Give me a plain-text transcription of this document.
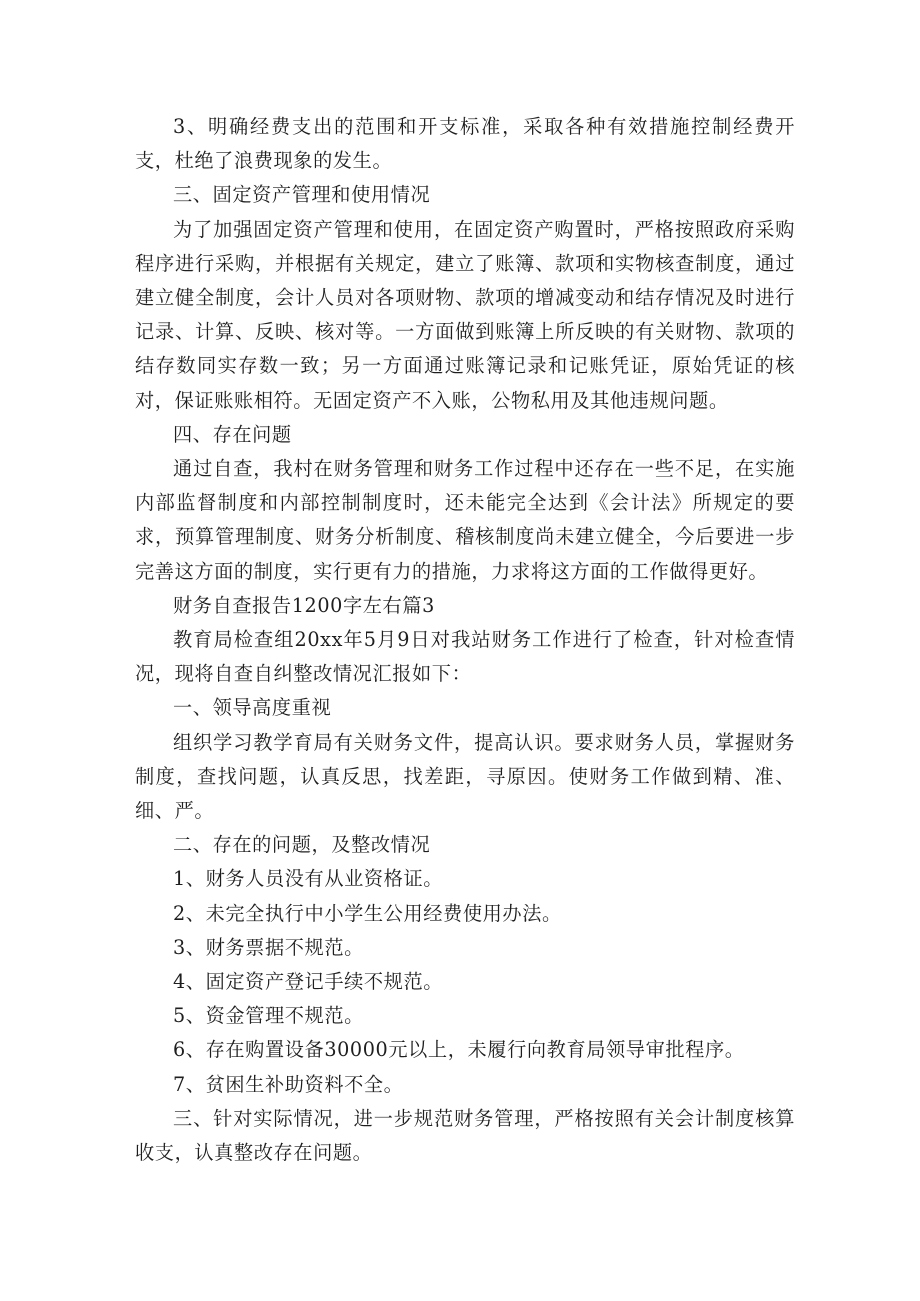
3、明确经费支出的范围和开支标准，采取各种有效措施控制经费开支，杜绝了浪费现象的发生。

三、固定资产管理和使用情况

为了加强固定资产管理和使用，在固定资产购置时，严格按照政府采购程序进行采购，并根据有关规定，建立了账簿、款项和实物核查制度，通过建立健全制度，会计人员对各项财物、款项的增减变动和结存情况及时进行记录、计算、反映、核对等。一方面做到账簿上所反映的有关财物、款项的结存数同实存数一致；另一方面通过账簿记录和记账凭证，原始凭证的核对，保证账账相符。无固定资产不入账，公物私用及其他违规问题。

四、存在问题

通过自查，我村在财务管理和财务工作过程中还存在一些不足，在实施内部监督制度和内部控制制度时，还未能完全达到《会计法》所规定的要求，预算管理制度、财务分析制度、稽核制度尚未建立健全，今后要进一步完善这方面的制度，实行更有力的措施，力求将这方面的工作做得更好。

财务自查报告1200字左右篇3

教育局检查组20xx年5月9日对我站财务工作进行了检查，针对检查情况，现将自查自纠整改情况汇报如下：

一、领导高度重视

组织学习教学育局有关财务文件，提高认识。要求财务人员，掌握财务制度，查找问题，认真反思，找差距，寻原因。使财务工作做到精、准、细、严。

二、存在的问题，及整改情况

1、财务人员没有从业资格证。

2、未完全执行中小学生公用经费使用办法。

3、财务票据不规范。

4、固定资产登记手续不规范。

5、资金管理不规范。

6、存在购置设备30000元以上，未履行向教育局领导审批程序。

7、贫困生补助资料不全。

三、针对实际情况，进一步规范财务管理，严格按照有关会计制度核算收支，认真整改存在问题。
